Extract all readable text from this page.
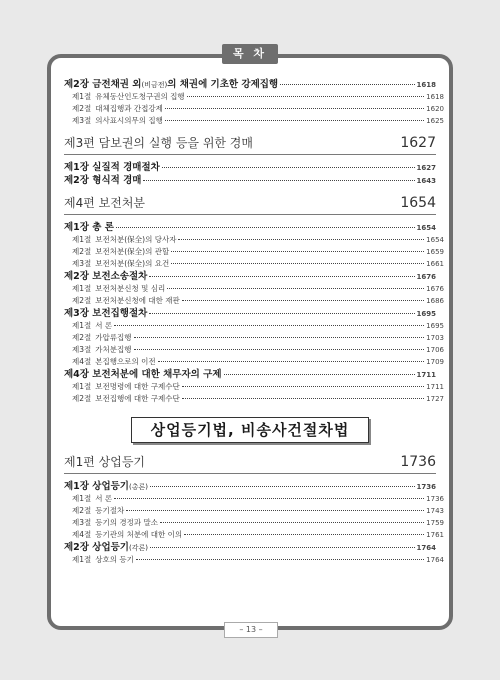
목 차
제2장 금전채권 외(비금전)의 채권에 기초한 강제집행	1618
제1절 유체동산인도청구권의 집행	1618
제2절 대체집행과 간접강제	1620
제3절 의사표시의무의 집행	1625
제3편 담보권의 실행 등을 위한 경매	1627
제1장 실질적 경매절차	1627
제2장 형식적 경매	1643
제4편 보전처분	1654
제1장 총 론	1654
제1절 보전처분(保全)의 당사자	1654
제2절 보전처분(保全)의 관할	1659
제3절 보전처분(保全)의 요건	1661
제2장 보전소송절차	1676
제1절 보전처분신청 및 심리	1676
제2절 보전처분신청에 대한 재판	1686
제3장 보전집행절차	1695
제1절 서 론	1695
제2절 가압류집행	1703
제3절 가처분집행	1706
제4절 본집행으로의 이전	1709
제4장 보전처분에 대한 채무자의 구제	1711
제1절 보전명령에 대한 구제수단	1711
제2절 보전집행에 대한 구제수단	1727
상업등기법, 비송사건절차법
제1편 상업등기	1736
제1장 상업등기(총론)	1736
제1절 서 론	1736
제2절 등기절차	1743
제3절 등기의 경정과 말소	1759
제4절 등기관의 처분에 대한 이의	1761
제2장 상업등기(각론)	1764
제1절 상호의 등기	1764
– 13 –
